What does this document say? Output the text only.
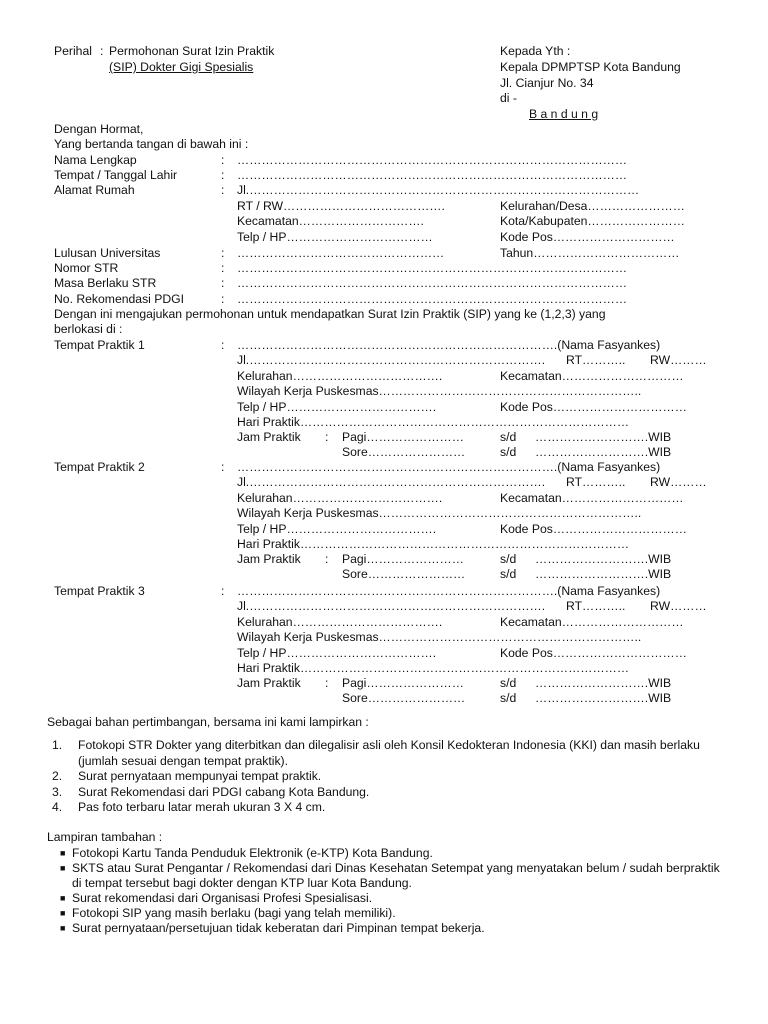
Perihal : Permohonan Surat Izin Praktik
(SIP) Dokter Gigi Spesialis
Kepada Yth :
Kepala DPMPTSP Kota Bandung
Jl. Cianjur No. 34
di -
B a n d u n g
Dengan Hormat,
Yang bertanda tangan di bawah ini :
Nama Lengkap	: ……………………………………………………………………………………
Tempat / Tanggal Lahir	: ……………………………………………………………………………………
Alamat Rumah	: Jl.……………………………………………………………………………………
RT / RW………………………………….	Kelurahan/Desa……………………
Kecamatan………………………….	Kota/Kabupaten……………………
Telp / HP………………………………	Kode Pos…………………………
Lulusan Universitas	: ……………………………………………	Tahun………………………………
Nomor STR	: ……………………………………………………………………………………
Masa Berlaku STR	: ……………………………………………………………………………………
No. Rekomendasi PDGI	: ……………………………………………………………………………………
Dengan ini mengajukan permohonan untuk mendapatkan Surat Izin Praktik (SIP) yang ke (1,2,3) yang
berlokasi di :
Tempat Praktik 1	: …………………………………………………………………….(Nama Fasyankes)
Jl.………………………………………………………………. RT……….. RW………
Kelurahan……………………………….	Kecamatan…………………………
Wilayah Kerja Puskesmas………………………………………………………..
Telp / HP……………………………….	Kode Pos……………………………
Hari Praktik………………………………………………………………………
Jam Praktik : Pagi……………………	s/d ……………………….WIB
Sore……………………	s/d ……………………….WIB
Tempat Praktik 2	: …………………………………………………………………….(Nama Fasyankes)
Jl.………………………………………………………………. RT……….. RW………
Kelurahan……………………………….	Kecamatan…………………………
Wilayah Kerja Puskesmas………………………………………………………..
Telp / HP……………………………….	Kode Pos……………………………
Hari Praktik………………………………………………………………………
Jam Praktik : Pagi……………………	s/d ……………………….WIB
Sore……………………	s/d ……………………….WIB
Tempat Praktik 3	: …………………………………………………………………….(Nama Fasyankes)
Jl.………………………………………………………………. RT……….. RW………
Kelurahan……………………………….	Kecamatan…………………………
Wilayah Kerja Puskesmas………………………………………………………..
Telp / HP……………………………….	Kode Pos……………………………
Hari Praktik………………………………………………………………………
Jam Praktik : Pagi……………………	s/d ……………………….WIB
Sore……………………	s/d ……………………….WIB
Sebagai bahan pertimbangan, bersama ini kami lampirkan :
1. Fotokopi STR Dokter yang diterbitkan dan dilegalisir asli oleh Konsil Kedokteran Indonesia (KKI) dan masih berlaku (jumlah sesuai dengan tempat praktik).
2. Surat pernyataan mempunyai tempat praktik.
3. Surat Rekomendasi dari PDGI cabang Kota Bandung.
4. Pas foto terbaru latar merah ukuran 3 X 4 cm.
Lampiran tambahan :
■ Fotokopi Kartu Tanda Penduduk Elektronik (e-KTP) Kota Bandung.
■ SKTS atau Surat Pengantar / Rekomendasi dari Dinas Kesehatan Setempat yang menyatakan belum / sudah berpraktik di tempat tersebut bagi dokter dengan KTP luar Kota Bandung.
■ Surat rekomendasi dari Organisasi Profesi Spesialisasi.
■ Fotokopi SIP yang masih berlaku (bagi yang telah memiliki).
■ Surat pernyataan/persetujuan tidak keberatan dari Pimpinan tempat bekerja.
